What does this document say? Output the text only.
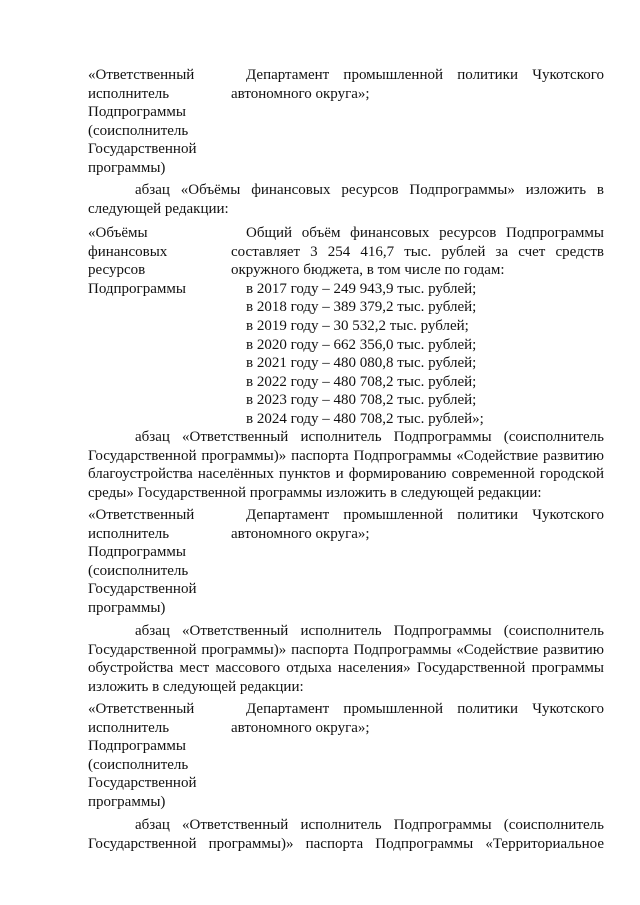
«Ответственный
исполнитель
Подпрограммы
(соисполнитель
Государственной
программы)
Департамент промышленной политики Чукотского
автономного округа»;
абзац «Объёмы финансовых ресурсов Подпрограммы» изложить в
следующей редакции:
«Объёмы
финансовых
ресурсов
Подпрограммы
Общий объём финансовых ресурсов Подпрограммы
составляет 3 254 416,7 тыс. рублей за счет средств
окружного бюджета, в том числе по годам:
в 2017 году – 249 943,9 тыс. рублей;
в 2018 году – 389 379,2 тыс. рублей;
в 2019 году – 30 532,2 тыс. рублей;
в 2020 году – 662 356,0 тыс. рублей;
в 2021 году – 480 080,8 тыс. рублей;
в 2022 году – 480 708,2 тыс. рублей;
в 2023 году – 480 708,2 тыс. рублей;
в 2024 году – 480 708,2 тыс. рублей»;
абзац «Ответственный исполнитель Подпрограммы (соисполнитель
Государственной программы)» паспорта Подпрограммы «Содействие развитию
благоустройства населённых пунктов и формированию современной городской
среды» Государственной программы изложить в следующей редакции:
«Ответственный
исполнитель
Подпрограммы
(соисполнитель
Государственной
программы)
Департамент промышленной политики Чукотского
автономного округа»;
абзац «Ответственный исполнитель Подпрограммы (соисполнитель
Государственной программы)» паспорта Подпрограммы «Содействие развитию
обустройства мест массового отдыха населения» Государственной программы
изложить в следующей редакции:
«Ответственный
исполнитель
Подпрограммы
(соисполнитель
Государственной
программы)
Департамент промышленной политики Чукотского
автономного округа»;
абзац «Ответственный исполнитель Подпрограммы (соисполнитель
Государственной программы)» паспорта Подпрограммы «Территориальное
